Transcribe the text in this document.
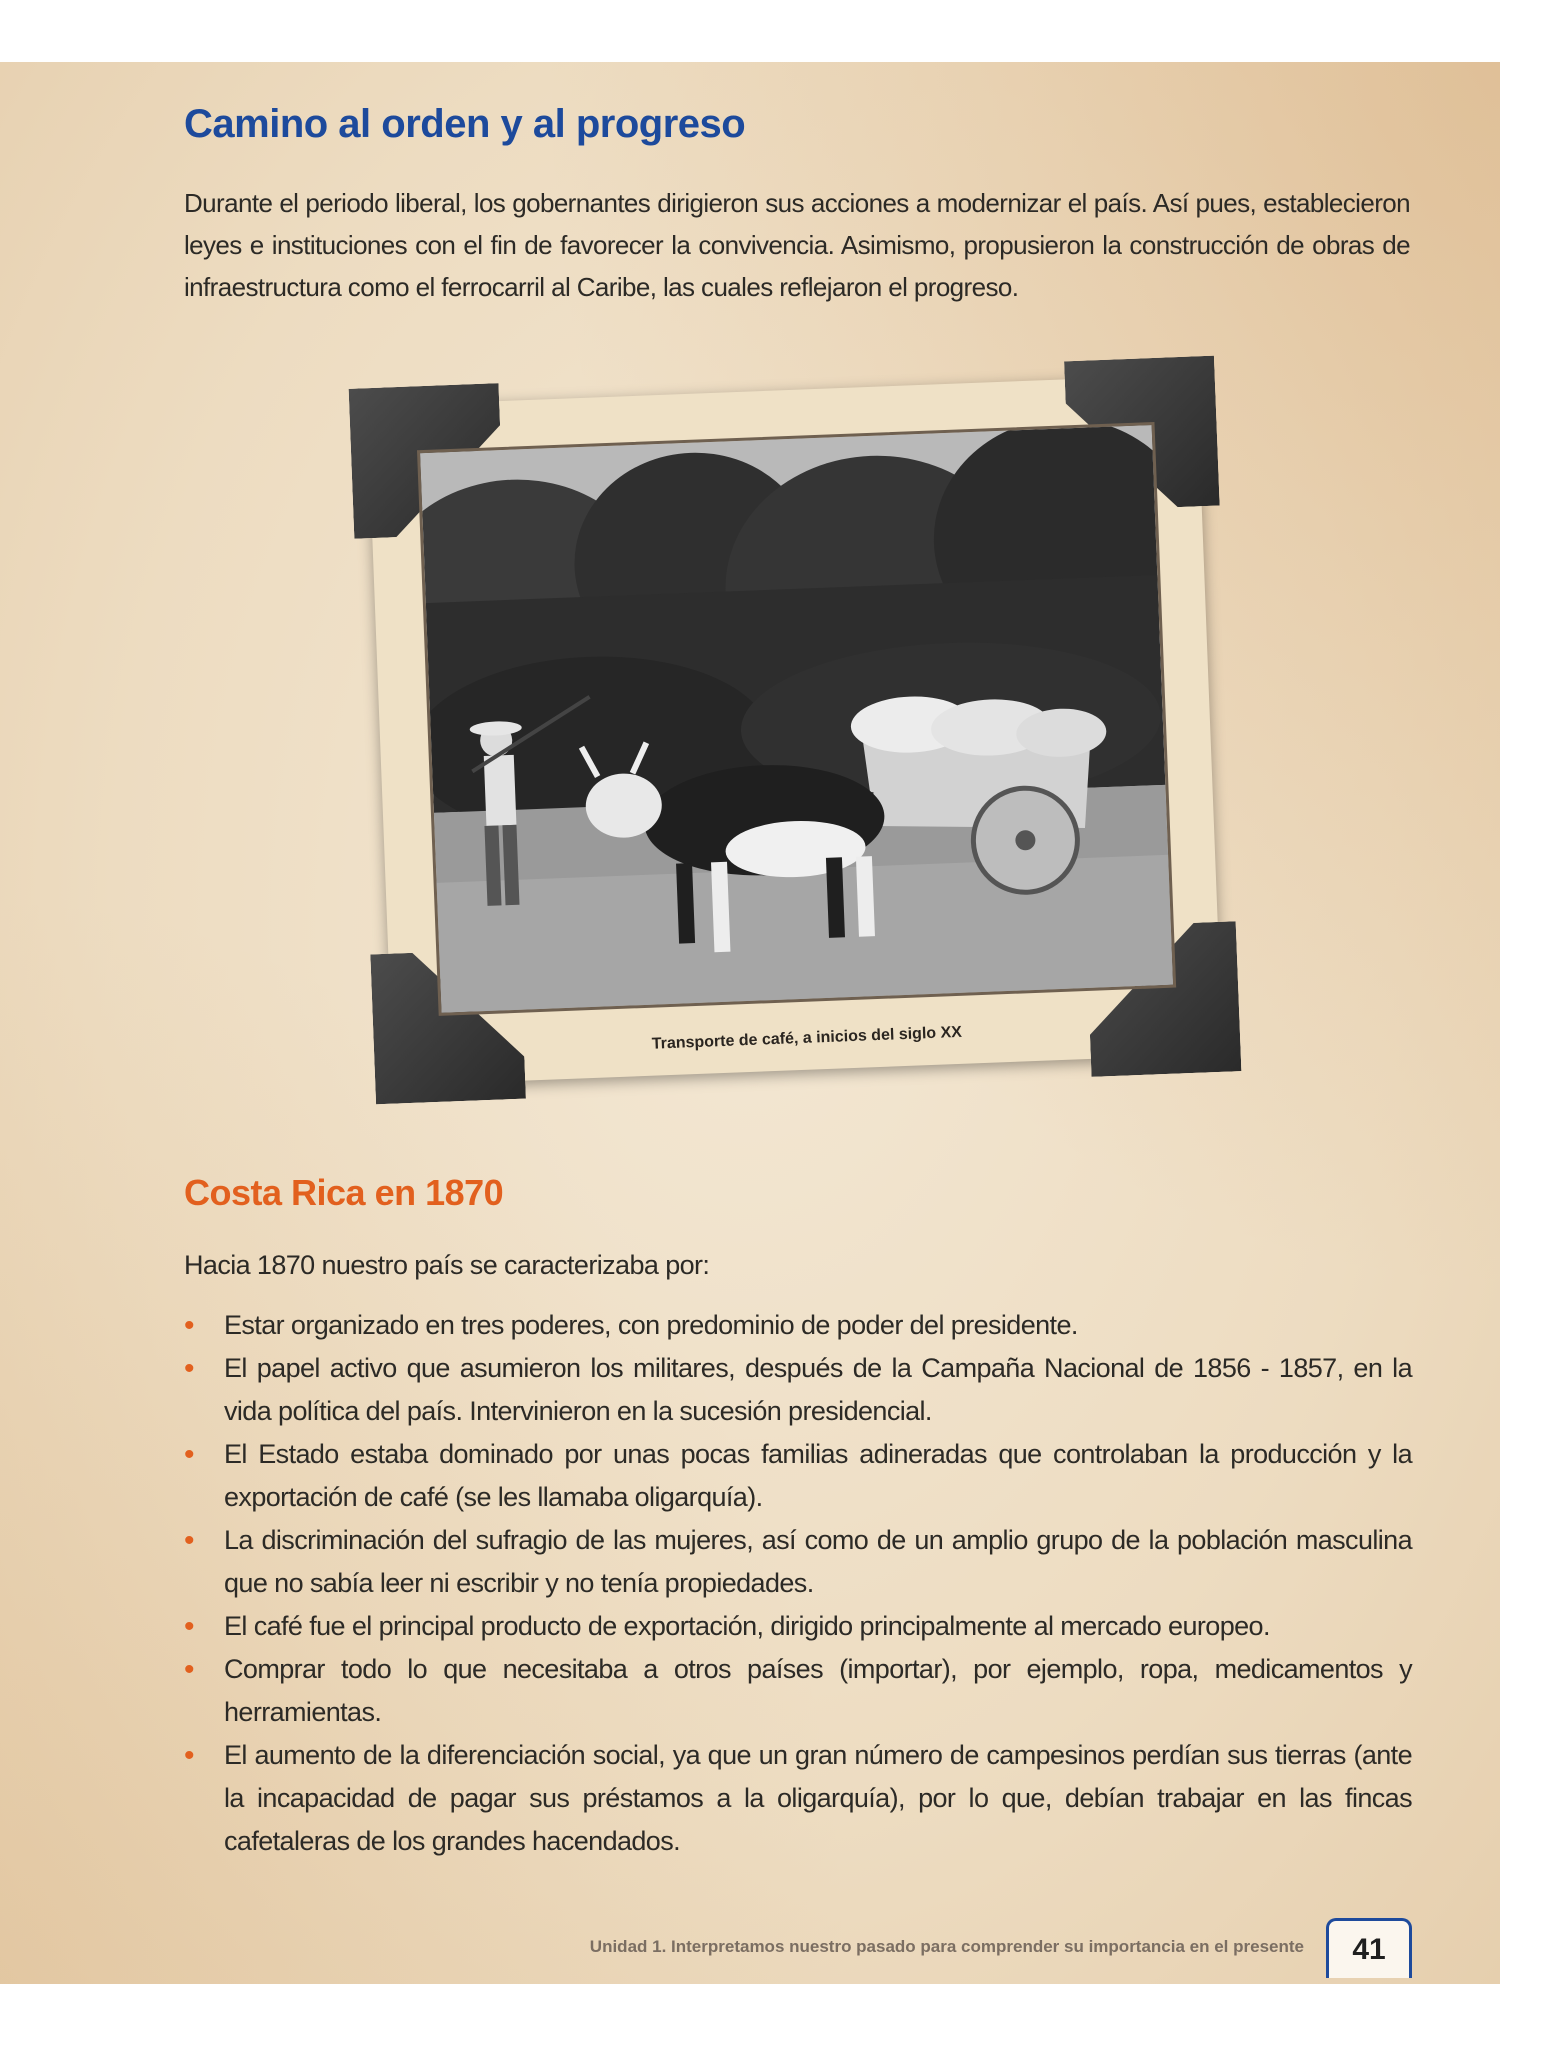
Camino al orden y al progreso

Durante el periodo liberal, los gobernantes dirigieron sus acciones a modernizar el país. Así pues, establecieron leyes e instituciones con el fin de favorecer la convivencia. Asimismo, propusieron la construcción de obras de infraestructura como el ferrocarril al Caribe, las cuales reflejaron el progreso.

Transporte de café, a inicios del siglo XX
Costa Rica en 1870

Hacia 1870 nuestro país se caracterizaba por:

• Estar organizado en tres poderes, con predominio de poder del presidente.
• El papel activo que asumieron los militares, después de la Campaña Nacional de 1856 - 1857, en la vida política del país. Intervinieron en la sucesión presidencial.
• El Estado estaba dominado por unas pocas familias adineradas que controlaban la producción y la exportación de café (se les llamaba oligarquía).
• La discriminación del sufragio de las mujeres, así como de un amplio grupo de la población masculina que no sabía leer ni escribir y no tenía propiedades.
• El café fue el principal producto de exportación, dirigido principalmente al mercado europeo.
• Comprar todo lo que necesitaba a otros países (importar), por ejemplo, ropa, medicamentos y herramientas.
• El aumento de la diferenciación social, ya que un gran número de campesinos perdían sus tierras (ante la incapacidad de pagar sus préstamos a la oligarquía), por lo que, debían trabajar en las fincas cafetaleras de los grandes hacendados.
Unidad 1. Interpretamos nuestro pasado para comprender su importancia en el presente	41
